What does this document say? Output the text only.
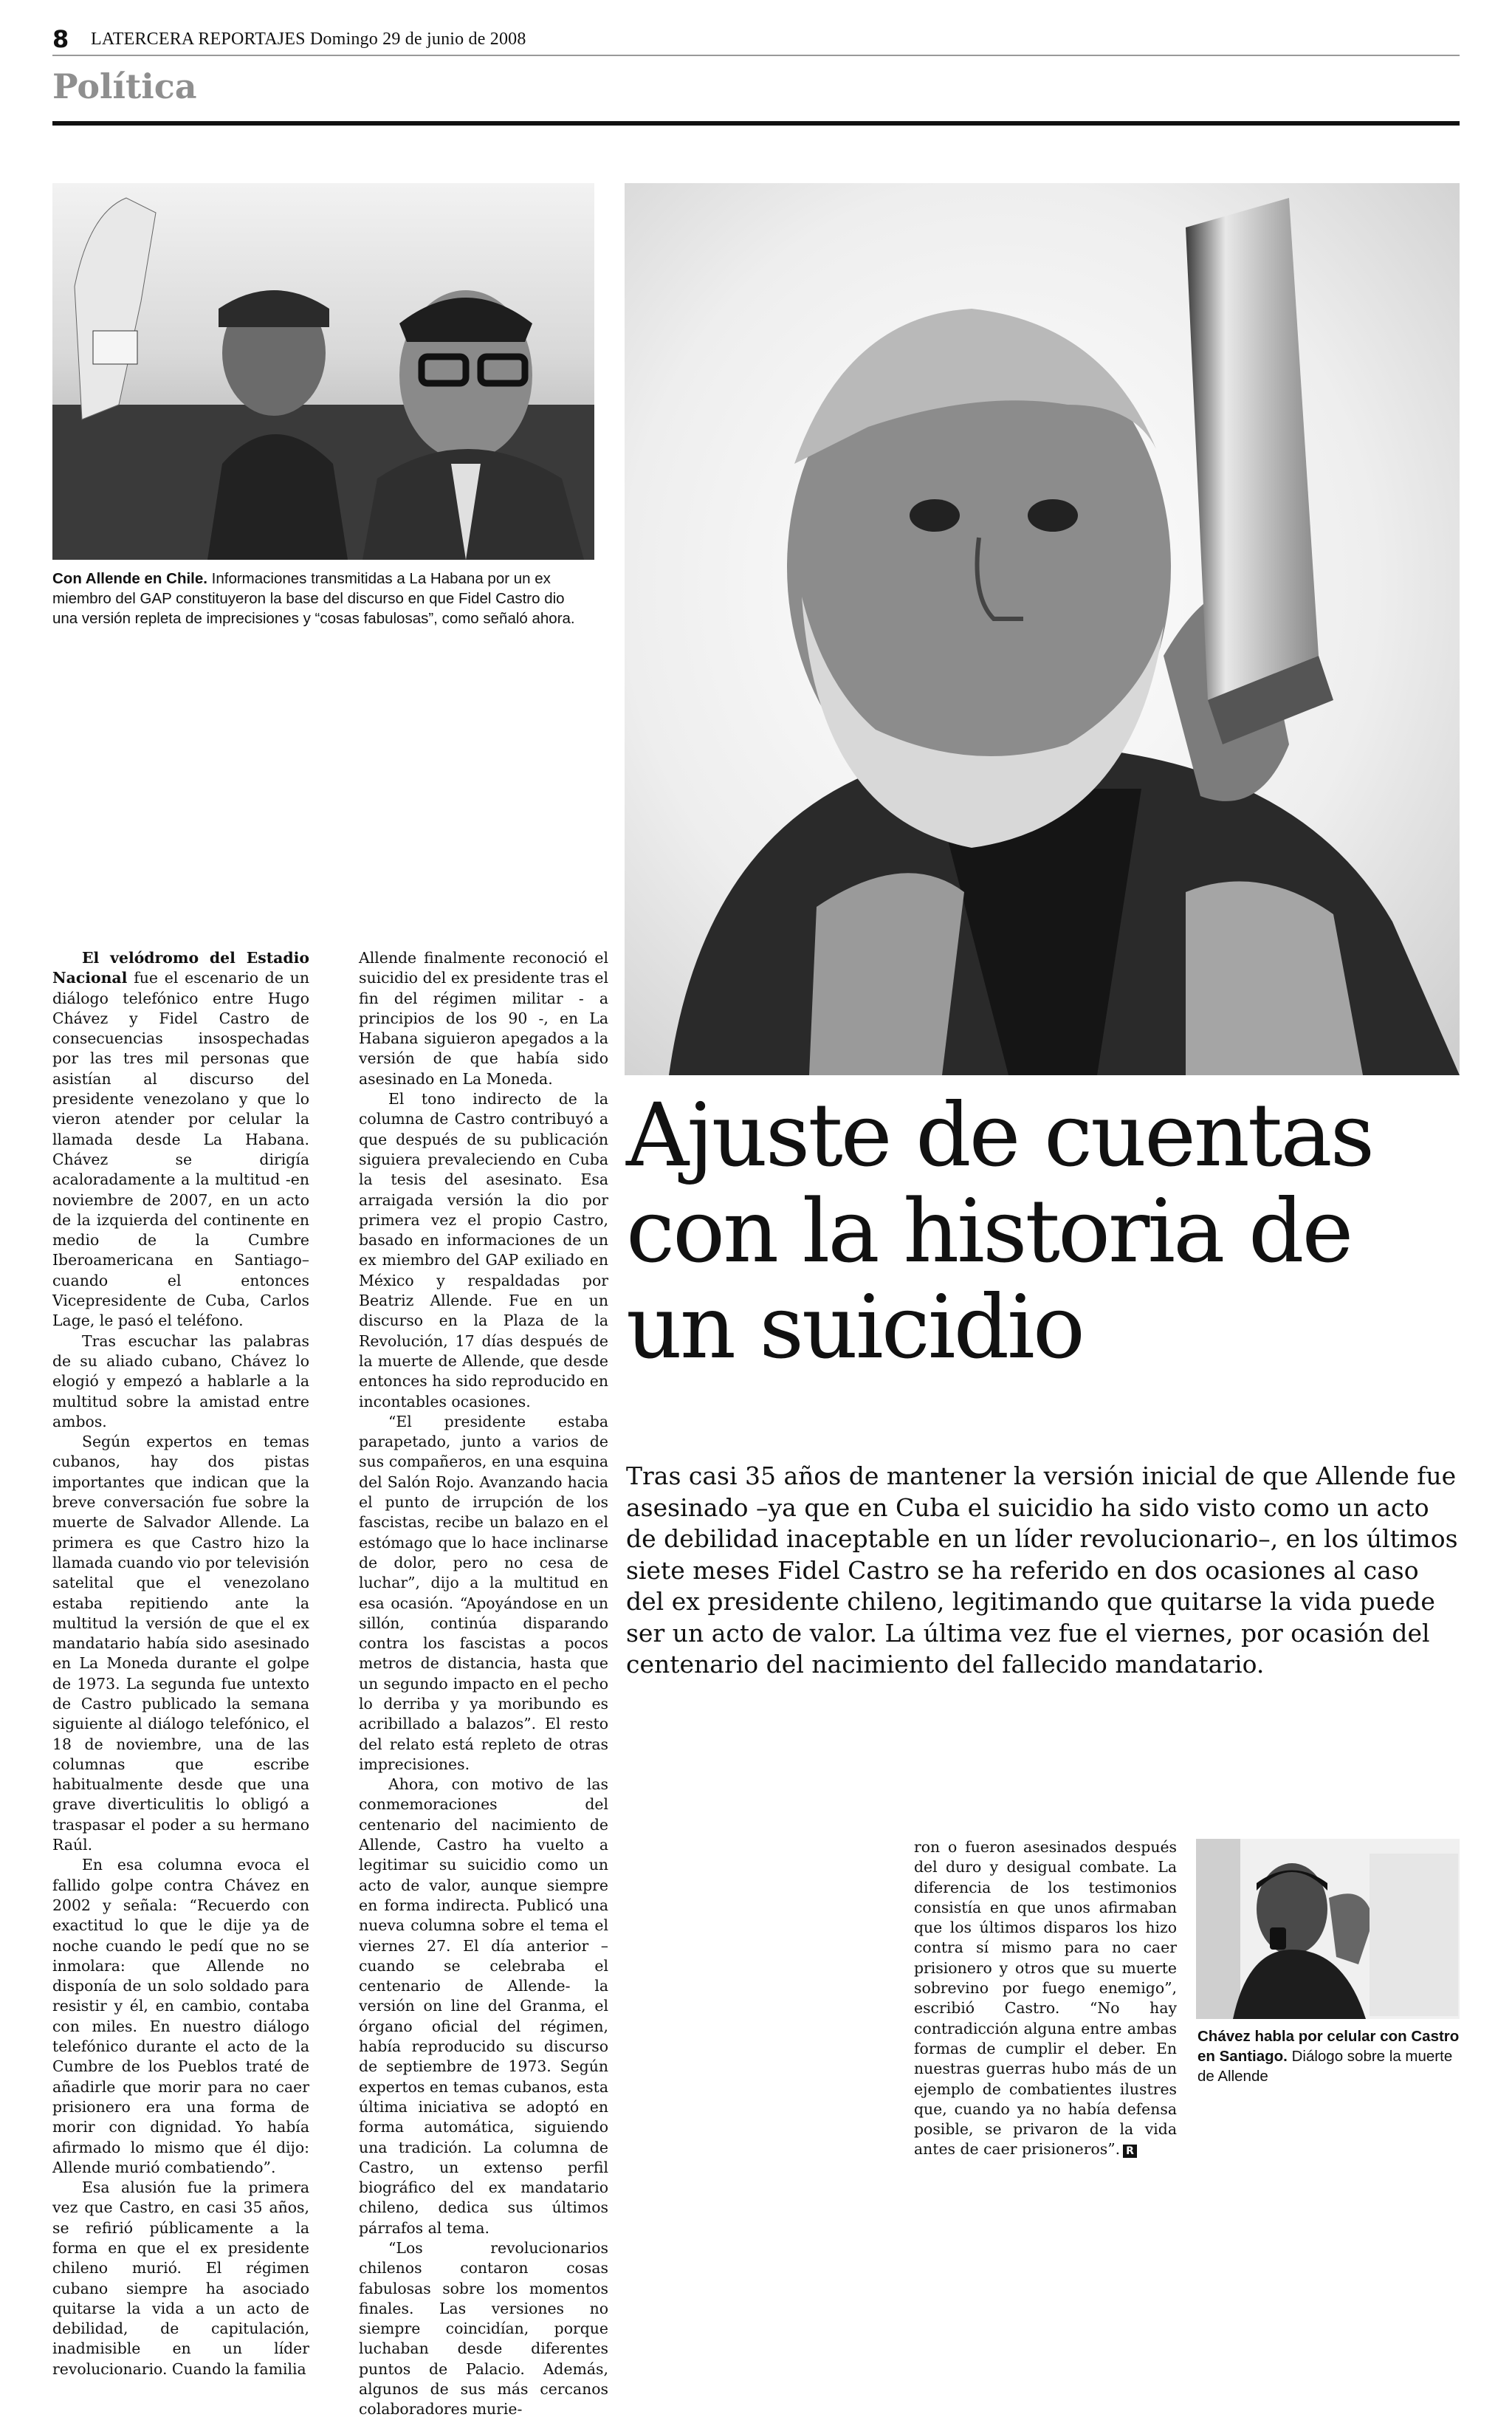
8 LATERCERA REPORTAJES Domingo 29 de junio de 2008
Política
Con Allende en Chile. Informaciones transmitidas a La Habana por un ex miembro del GAP constituyeron la base del discurso en que Fidel Castro dio una versión repleta de imprecisiones y “cosas fabulosas”, como señaló ahora.
Ajuste de cuentas con la historia de un suicidio

Tras casi 35 años de mantener la versión inicial de que Allende fue asesinado –ya que en Cuba el suicidio ha sido visto como un acto de debilidad inaceptable en un líder revolucionario–, en los últimos siete meses Fidel Castro se ha referido en dos ocasiones al caso del ex presidente chileno, legitimando que quitarse la vida puede ser un acto de valor. La última vez fue el viernes, por ocasión del centenario del nacimiento del fallecido mandatario.

El velódromo del Estadio Nacional fue el escenario de un diálogo telefónico entre Hugo Chávez y Fidel Castro de consecuencias insospechadas por las tres mil personas que asistían al discurso del presidente venezolano y que lo vieron atender por celular la llamada desde La Habana. Chávez se dirigía acaloradamente a la multitud -en noviembre de 2007, en un acto de la izquierda del continente en medio de la Cumbre Iberoamericana en Santiago– cuando el entonces Vicepresidente de Cuba, Carlos Lage, le pasó el teléfono.

Tras escuchar las palabras de su aliado cubano, Chávez lo elogió y empezó a hablarle a la multitud sobre la amistad entre ambos.

Según expertos en temas cubanos, hay dos pistas importantes que indican que la breve conversación fue sobre la muerte de Salvador Allende. La primera es que Castro hizo la llamada cuando vio por televisión satelital que el venezolano estaba repitiendo ante la multitud la versión de que el ex mandatario había sido asesinado en La Moneda durante el golpe de 1973. La segunda fue untexto de Castro publicado la semana siguiente al diálogo telefónico, el 18 de noviembre, una de las columnas que escribe habitualmente desde que una grave diverticulitis lo obligó a traspasar el poder a su hermano Raúl.

En esa columna evoca el fallido golpe contra Chávez en 2002 y señala: “Recuerdo con exactitud lo que le dije ya de noche cuando le pedí que no se inmolara: que Allende no disponía de un solo soldado para resistir y él, en cambio, contaba con miles. En nuestro diálogo telefónico durante el acto de la Cumbre de los Pueblos traté de añadirle que morir para no caer prisionero era una forma de morir con dignidad. Yo había afirmado lo mismo que él dijo: Allende murió combatiendo”.

Esa alusión fue la primera vez que Castro, en casi 35 años, se refirió públicamente a la forma en que el ex presidente chileno murió. El régimen cubano siempre ha asociado quitarse la vida a un acto de debilidad, de capitulación, inadmisible en un líder revolucionario. Cuando la familia

Allende finalmente reconoció el suicidio del ex presidente tras el fin del régimen militar - a principios de los 90 -, en La Habana siguieron apegados a la versión de que había sido asesinado en La Moneda.

El tono indirecto de la columna de Castro contribuyó a que después de su publicación siguiera prevaleciendo en Cuba la tesis del asesinato. Esa arraigada versión la dio por primera vez el propio Castro, basado en informaciones de un ex miembro del GAP exiliado en México y respaldadas por Beatriz Allende. Fue en un discurso en la Plaza de la Revolución, 17 días después de la muerte de Allende, que desde entonces ha sido reproducido en incontables ocasiones.

“El presidente estaba parapetado, junto a varios de sus compañeros, en una esquina del Salón Rojo. Avanzando hacia el punto de irrupción de los fascistas, recibe un balazo en el estómago que lo hace inclinarse de dolor, pero no cesa de luchar”, dijo a la multitud en esa ocasión. “Apoyándose en un sillón, continúa disparando contra los fascistas a pocos metros de distancia, hasta que un segundo impacto en el pecho lo derriba y ya moribundo es acribillado a balazos”. El resto del relato está repleto de otras imprecisiones.

Ahora, con motivo de las conmemoraciones del centenario del nacimiento de Allende, Castro ha vuelto a legitimar su suicidio como un acto de valor, aunque siempre en forma indirecta. Publicó una nueva columna sobre el tema el viernes 27. El día anterior –cuando se celebraba el centenario de Allende- la versión on line del Granma, el órgano oficial del régimen, había reproducido su discurso de septiembre de 1973. Según expertos en temas cubanos, esta última iniciativa se adoptó en forma automática, siguiendo una tradición. La columna de Castro, un extenso perfil biográfico del ex mandatario chileno, dedica sus últimos párrafos al tema.

“Los revolucionarios chilenos contaron cosas fabulosas sobre los momentos finales. Las versiones no siempre coincidían, porque luchaban desde diferentes puntos de Palacio. Además, algunos de sus más cercanos colaboradores murie-

ron o fueron asesinados después del duro y desigual combate. La diferencia de los testimonios consistía en que unos afirmaban que los últimos disparos los hizo contra sí mismo para no caer prisionero y otros que su muerte sobrevino por fuego enemigo”, escribió Castro. “No hay contradicción alguna entre ambas formas de cumplir el deber. En nuestras guerras hubo más de un ejemplo de combatientes ilustres que, cuando ya no había defensa posible, se privaron de la vida antes de caer prisioneros”. R

Chávez habla por celular con Castro en Santiago. Diálogo sobre la muerte de Allende
